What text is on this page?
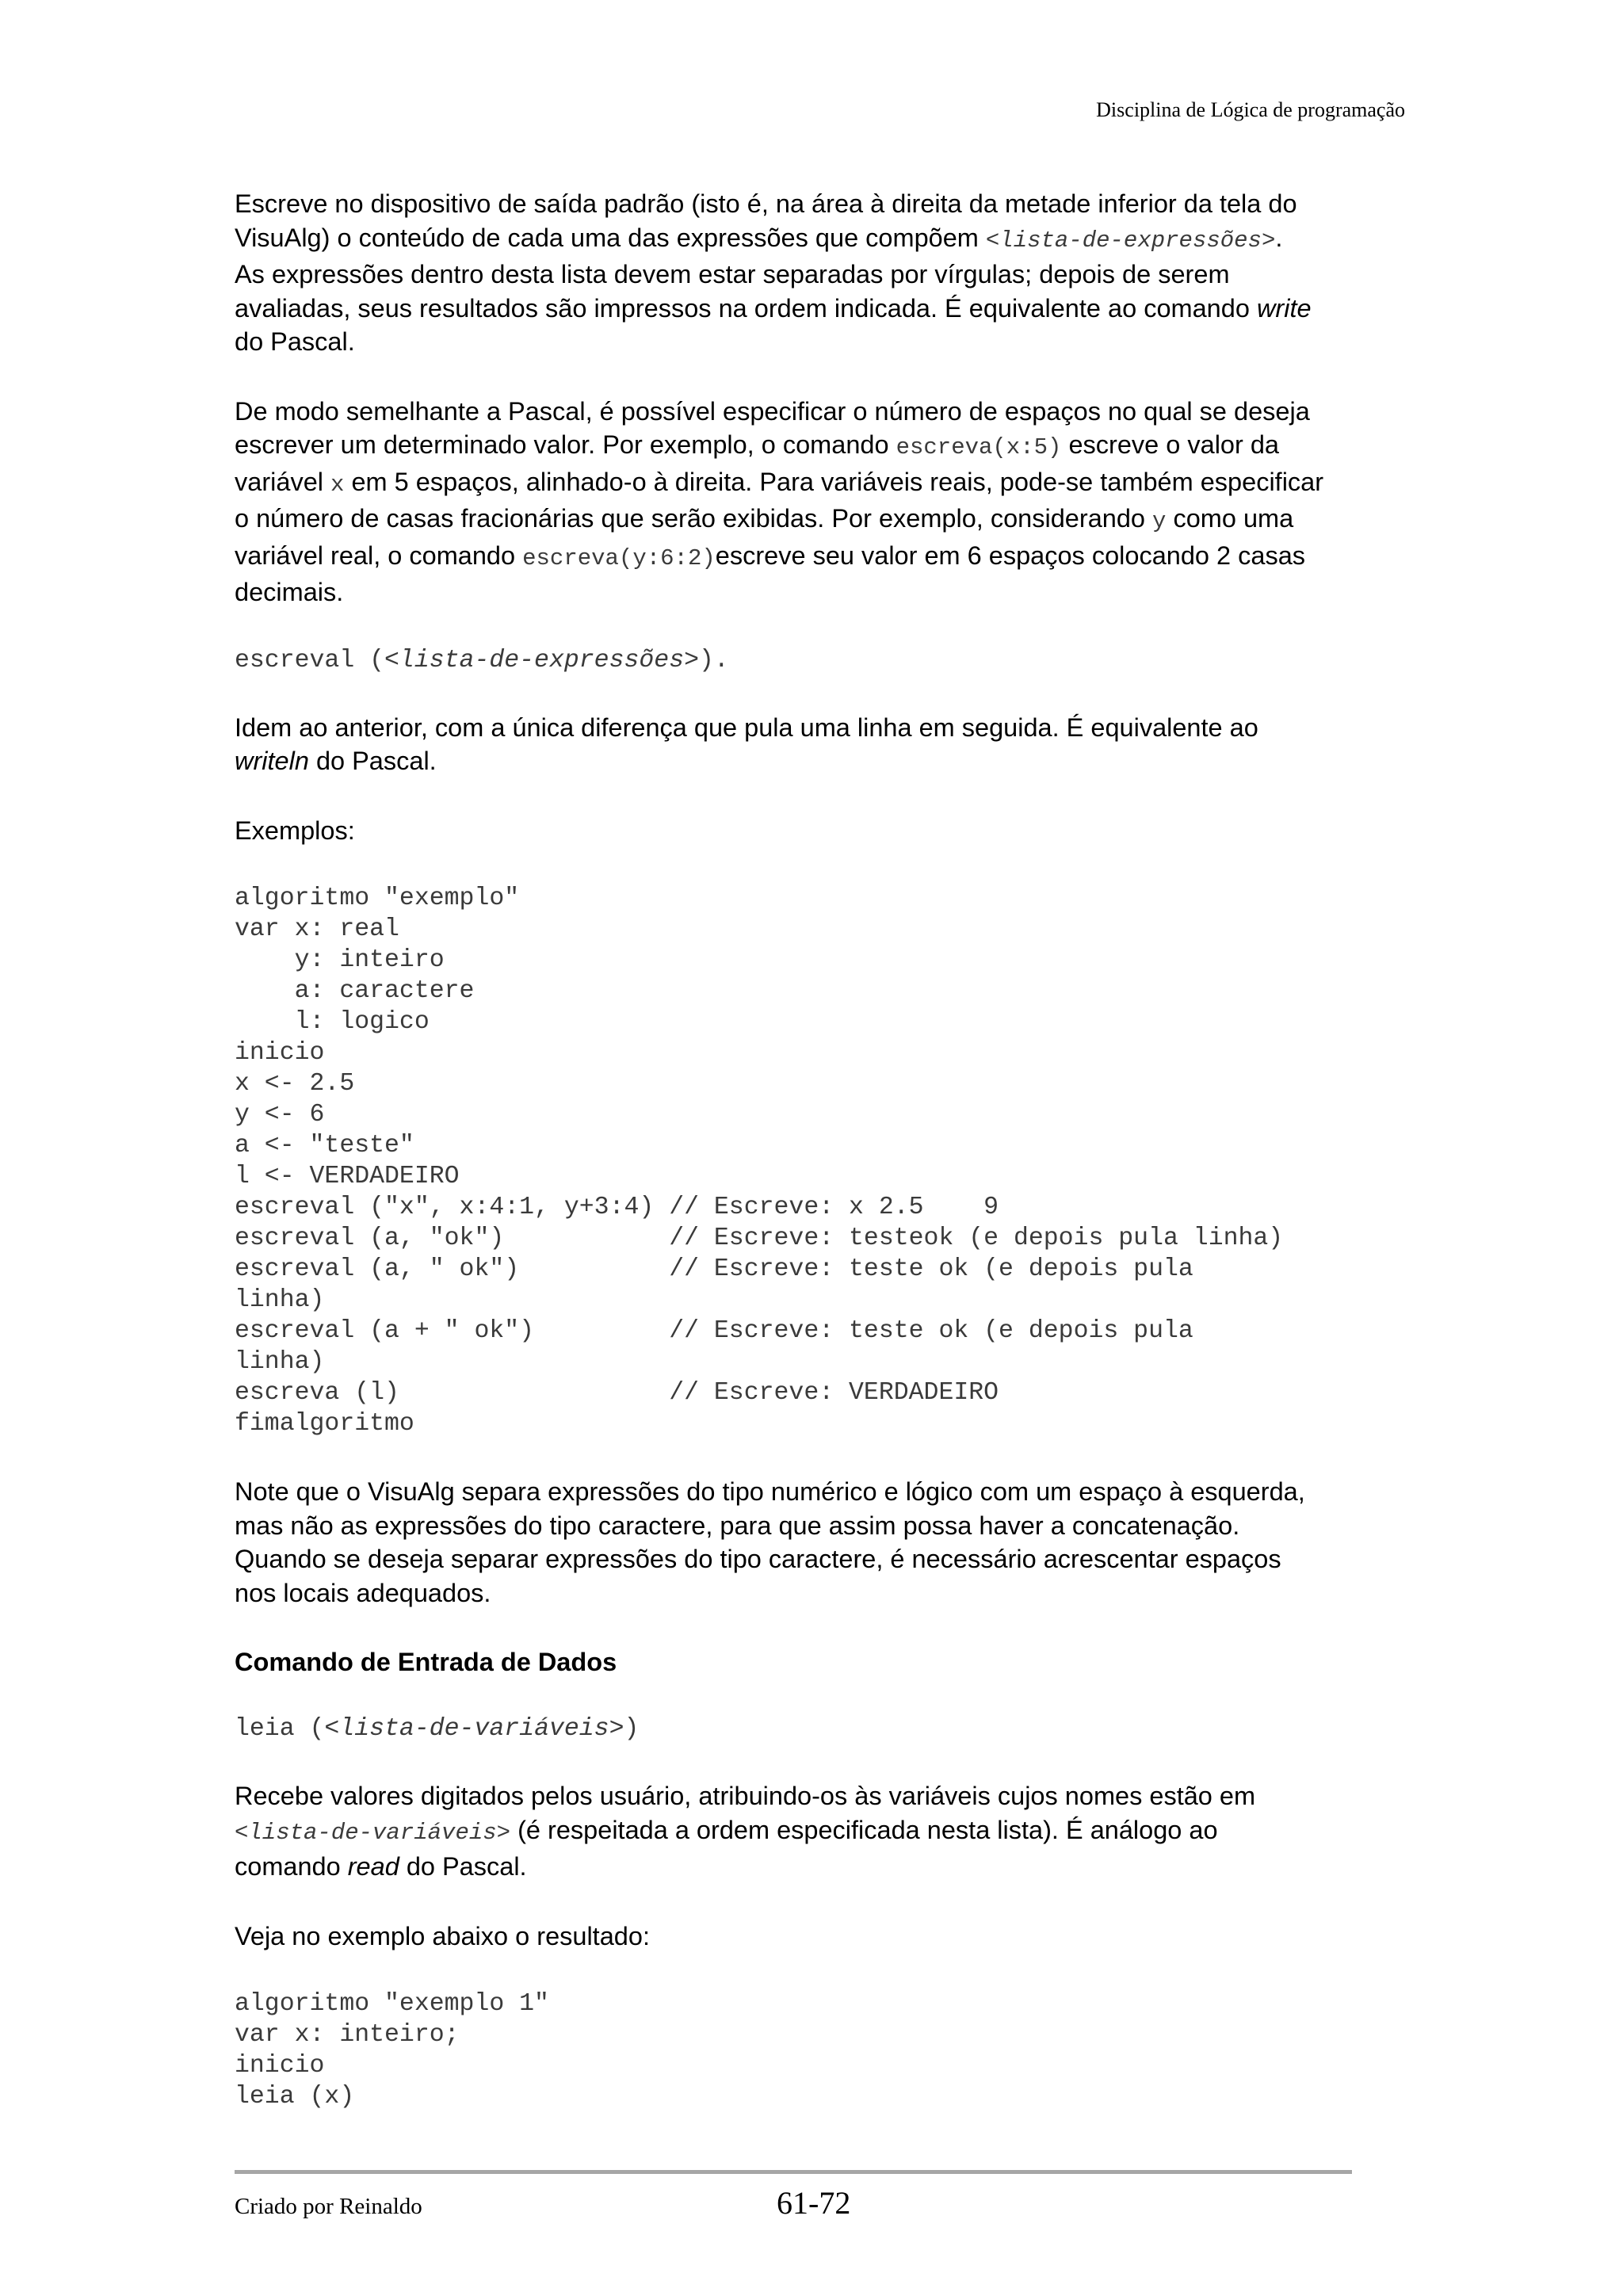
Disciplina de Lógica de programação

Escreve no dispositivo de saída padrão (isto é, na área à direita da metade inferior da tela do
VisuAlg) o conteúdo de cada uma das expressões que compõem <lista-de-expressões>.
As expressões dentro desta lista devem estar separadas por vírgulas; depois de serem
avaliadas, seus resultados são impressos na ordem indicada. É equivalente ao comando write
do Pascal.

De modo semelhante a Pascal, é possível especificar o número de espaços no qual se deseja
escrever um determinado valor. Por exemplo, o comando escreva(x:5) escreve o valor da
variável x em 5 espaços, alinhado-o à direita. Para variáveis reais, pode-se também especificar
o número de casas fracionárias que serão exibidas. Por exemplo, considerando y como uma
variável real, o comando escreva(y:6:2)escreve seu valor em 6 espaços colocando 2 casas
decimais.

escreval (<lista-de-expressões>).

Idem ao anterior, com a única diferença que pula uma linha em seguida. É equivalente ao
writeln do Pascal.

Exemplos:

algoritmo "exemplo"
var x: real
y: inteiro
a: caractere
l: logico
inicio
x <- 2.5
y <- 6
a <- "teste"
l <- VERDADEIRO
escreval ("x", x:4:1, y+3:4) // Escreve: x 2.5    9
escreval (a, "ok")           // Escreve: testeok (e depois pula linha)
escreval (a, " ok")          // Escreve: teste ok (e depois pula
linha)
escreval (a + " ok")         // Escreve: teste ok (e depois pula
linha)
escreva (l)                  // Escreve: VERDADEIRO
fimalgoritmo

Note que o VisuAlg separa expressões do tipo numérico e lógico com um espaço à esquerda,
mas não as expressões do tipo caractere, para que assim possa haver a concatenação.
Quando se deseja separar expressões do tipo caractere, é necessário acrescentar espaços
nos locais adequados.

Comando de Entrada de Dados

leia (<lista-de-variáveis>)

Recebe valores digitados pelos usuário, atribuindo-os às variáveis cujos nomes estão em
<lista-de-variáveis> (é respeitada a ordem especificada nesta lista). É análogo ao
comando read do Pascal.

Veja no exemplo abaixo o resultado:

algoritmo "exemplo 1"
var x: inteiro;
inicio
leia (x)
Criado por Reinaldo	61-72
